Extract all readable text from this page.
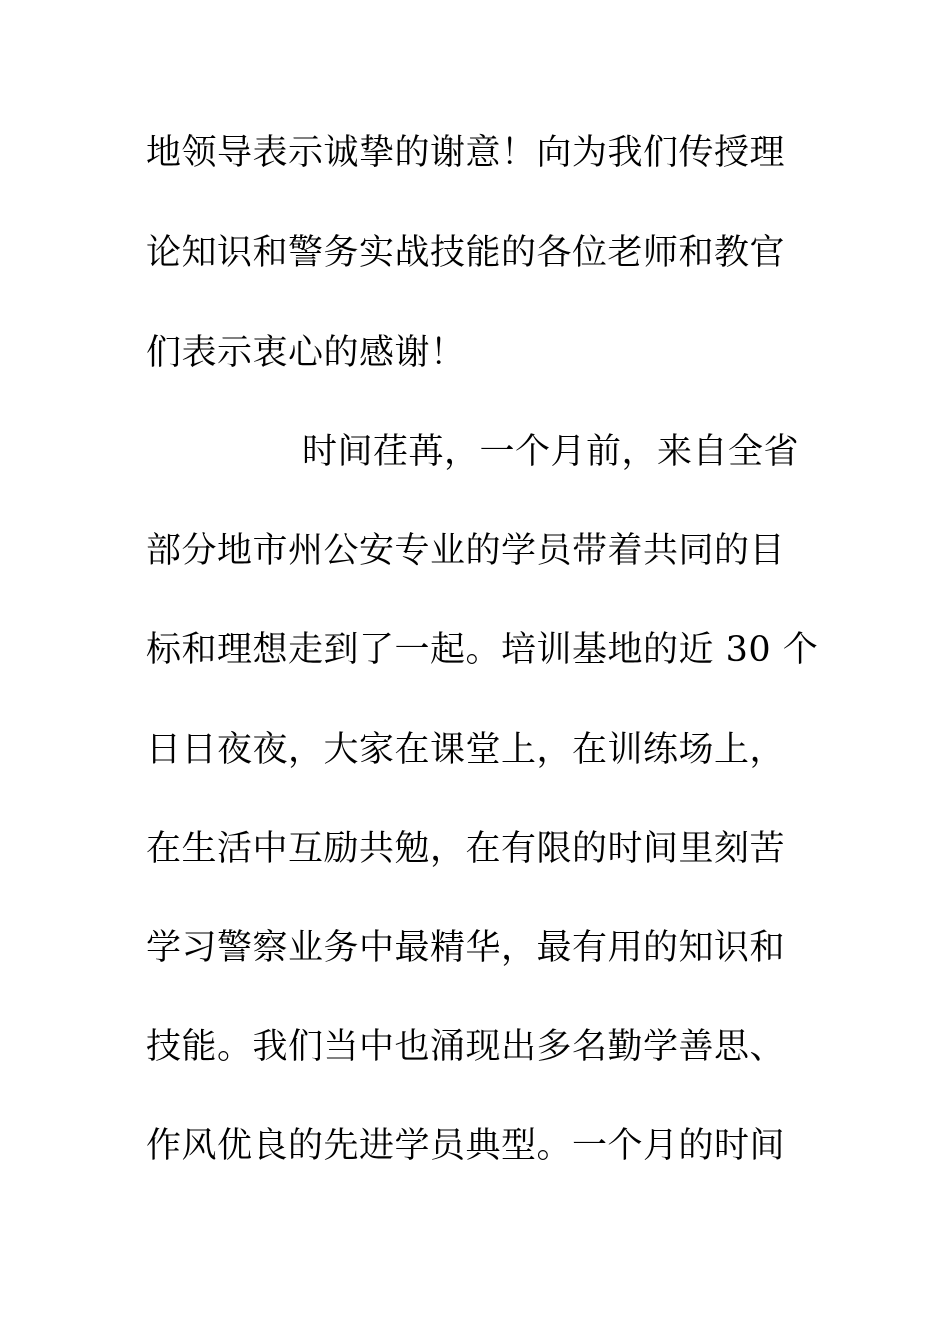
地领导表示诚挚的谢意！向为我们传授理
论知识和警务实战技能的各位老师和教官
们表示衷心的感谢！
时间荏苒，一个月前，来自全省
部分地市州公安专业的学员带着共同的目
标和理想走到了一起。培训基地的近 30 个
日日夜夜，大家在课堂上，在训练场上，
在生活中互励共勉，在有限的时间里刻苦
学习警察业务中最精华，最有用的知识和
技能。我们当中也涌现出多名勤学善思、
作风优良的先进学员典型。一个月的时间
